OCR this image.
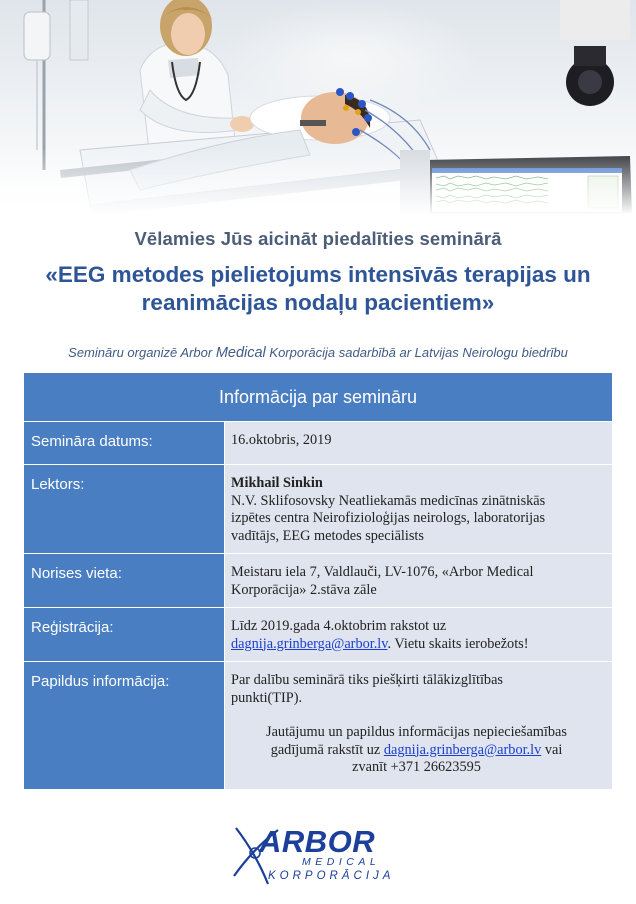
Vēlamies Jūs aicināt piedalīties seminārā
«EEG metodes pielietojums intensīvās terapijas un
reanimācijas nodaļu pacientiem»
Semināru organizē Arbor Medical Korporācija sadarbībā ar Latvijas Neirologu biedrību
Informācija par semināru	
Semināra datums:	16.oktobris, 2019
Lektors:	Mikhail Sinkin
N.V. Sklifosovsky Neatliekamās medicīnas zinātniskās
izpētes centra Neirofizioloģijas neirologs, laboratorijas
vadītājs, EEG metodes speciālists
Norises vieta:	Meistaru iela 7, Valdlauči, LV-1076, «Arbor Medical
Korporācija» 2.stāva zāle
Reģistrācija:	Līdz 2019.gada 4.oktobrim rakstot uz
dagnija.grinberga@arbor.lv. Vietu skaits ierobežots!
Papildus informācija:	Par dalību seminārā tiks piešķirti tālākizglītības
punkti(TIP).
Jautājumu un papildus informācijas nepieciešamības
gadījumā rakstīt uz dagnija.grinberga@arbor.lv vai
zvanīt +371 26623595
ARBOR
MEDICAL
KORPORĀCIJA
